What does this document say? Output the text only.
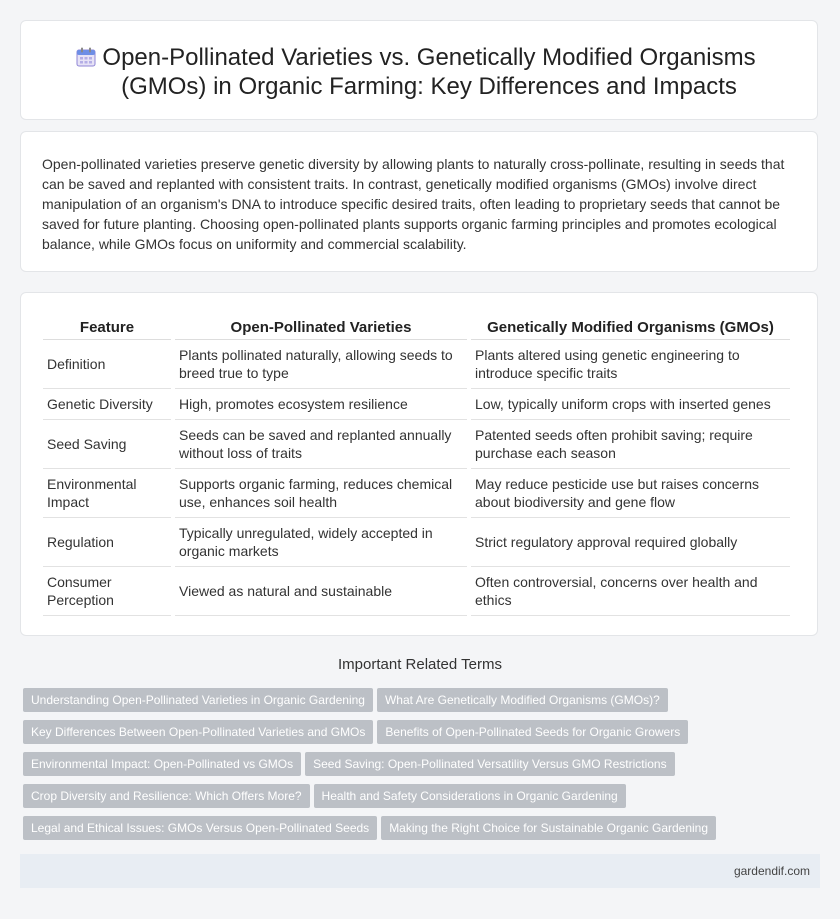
Open-Pollinated Varieties vs. Genetically Modified Organisms (GMOs) in Organic Farming: Key Differences and Impacts

Open-pollinated varieties preserve genetic diversity by allowing plants to naturally cross-pollinate, resulting in seeds that can be saved and replanted with consistent traits. In contrast, genetically modified organisms (GMOs) involve direct manipulation of an organism's DNA to introduce specific desired traits, often leading to proprietary seeds that cannot be saved for future planting. Choosing open-pollinated plants supports organic farming principles and promotes ecological balance, while GMOs focus on uniformity and commercial scalability.

Feature	Open-Pollinated Varieties	Genetically Modified Organisms (GMOs)
Definition	Plants pollinated naturally, allowing seeds to breed true to type	Plants altered using genetic engineering to introduce specific traits
Genetic Diversity	High, promotes ecosystem resilience	Low, typically uniform crops with inserted genes
Seed Saving	Seeds can be saved and replanted annually without loss of traits	Patented seeds often prohibit saving; require purchase each season
Environmental Impact	Supports organic farming, reduces chemical use, enhances soil health	May reduce pesticide use but raises concerns about biodiversity and gene flow
Regulation	Typically unregulated, widely accepted in organic markets	Strict regulatory approval required globally
Consumer Perception	Viewed as natural and sustainable	Often controversial, concerns over health and ethics
Important Related Terms
Understanding Open-Pollinated Varieties in Organic Gardening What Are Genetically Modified Organisms (GMOs)?
Key Differences Between Open-Pollinated Varieties and GMOs Benefits of Open-Pollinated Seeds for Organic Growers
Environmental Impact: Open-Pollinated vs GMOs Seed Saving: Open-Pollinated Versatility Versus GMO Restrictions
Crop Diversity and Resilience: Which Offers More? Health and Safety Considerations in Organic Gardening
Legal and Ethical Issues: GMOs Versus Open-Pollinated Seeds Making the Right Choice for Sustainable Organic Gardening
gardendif.com
